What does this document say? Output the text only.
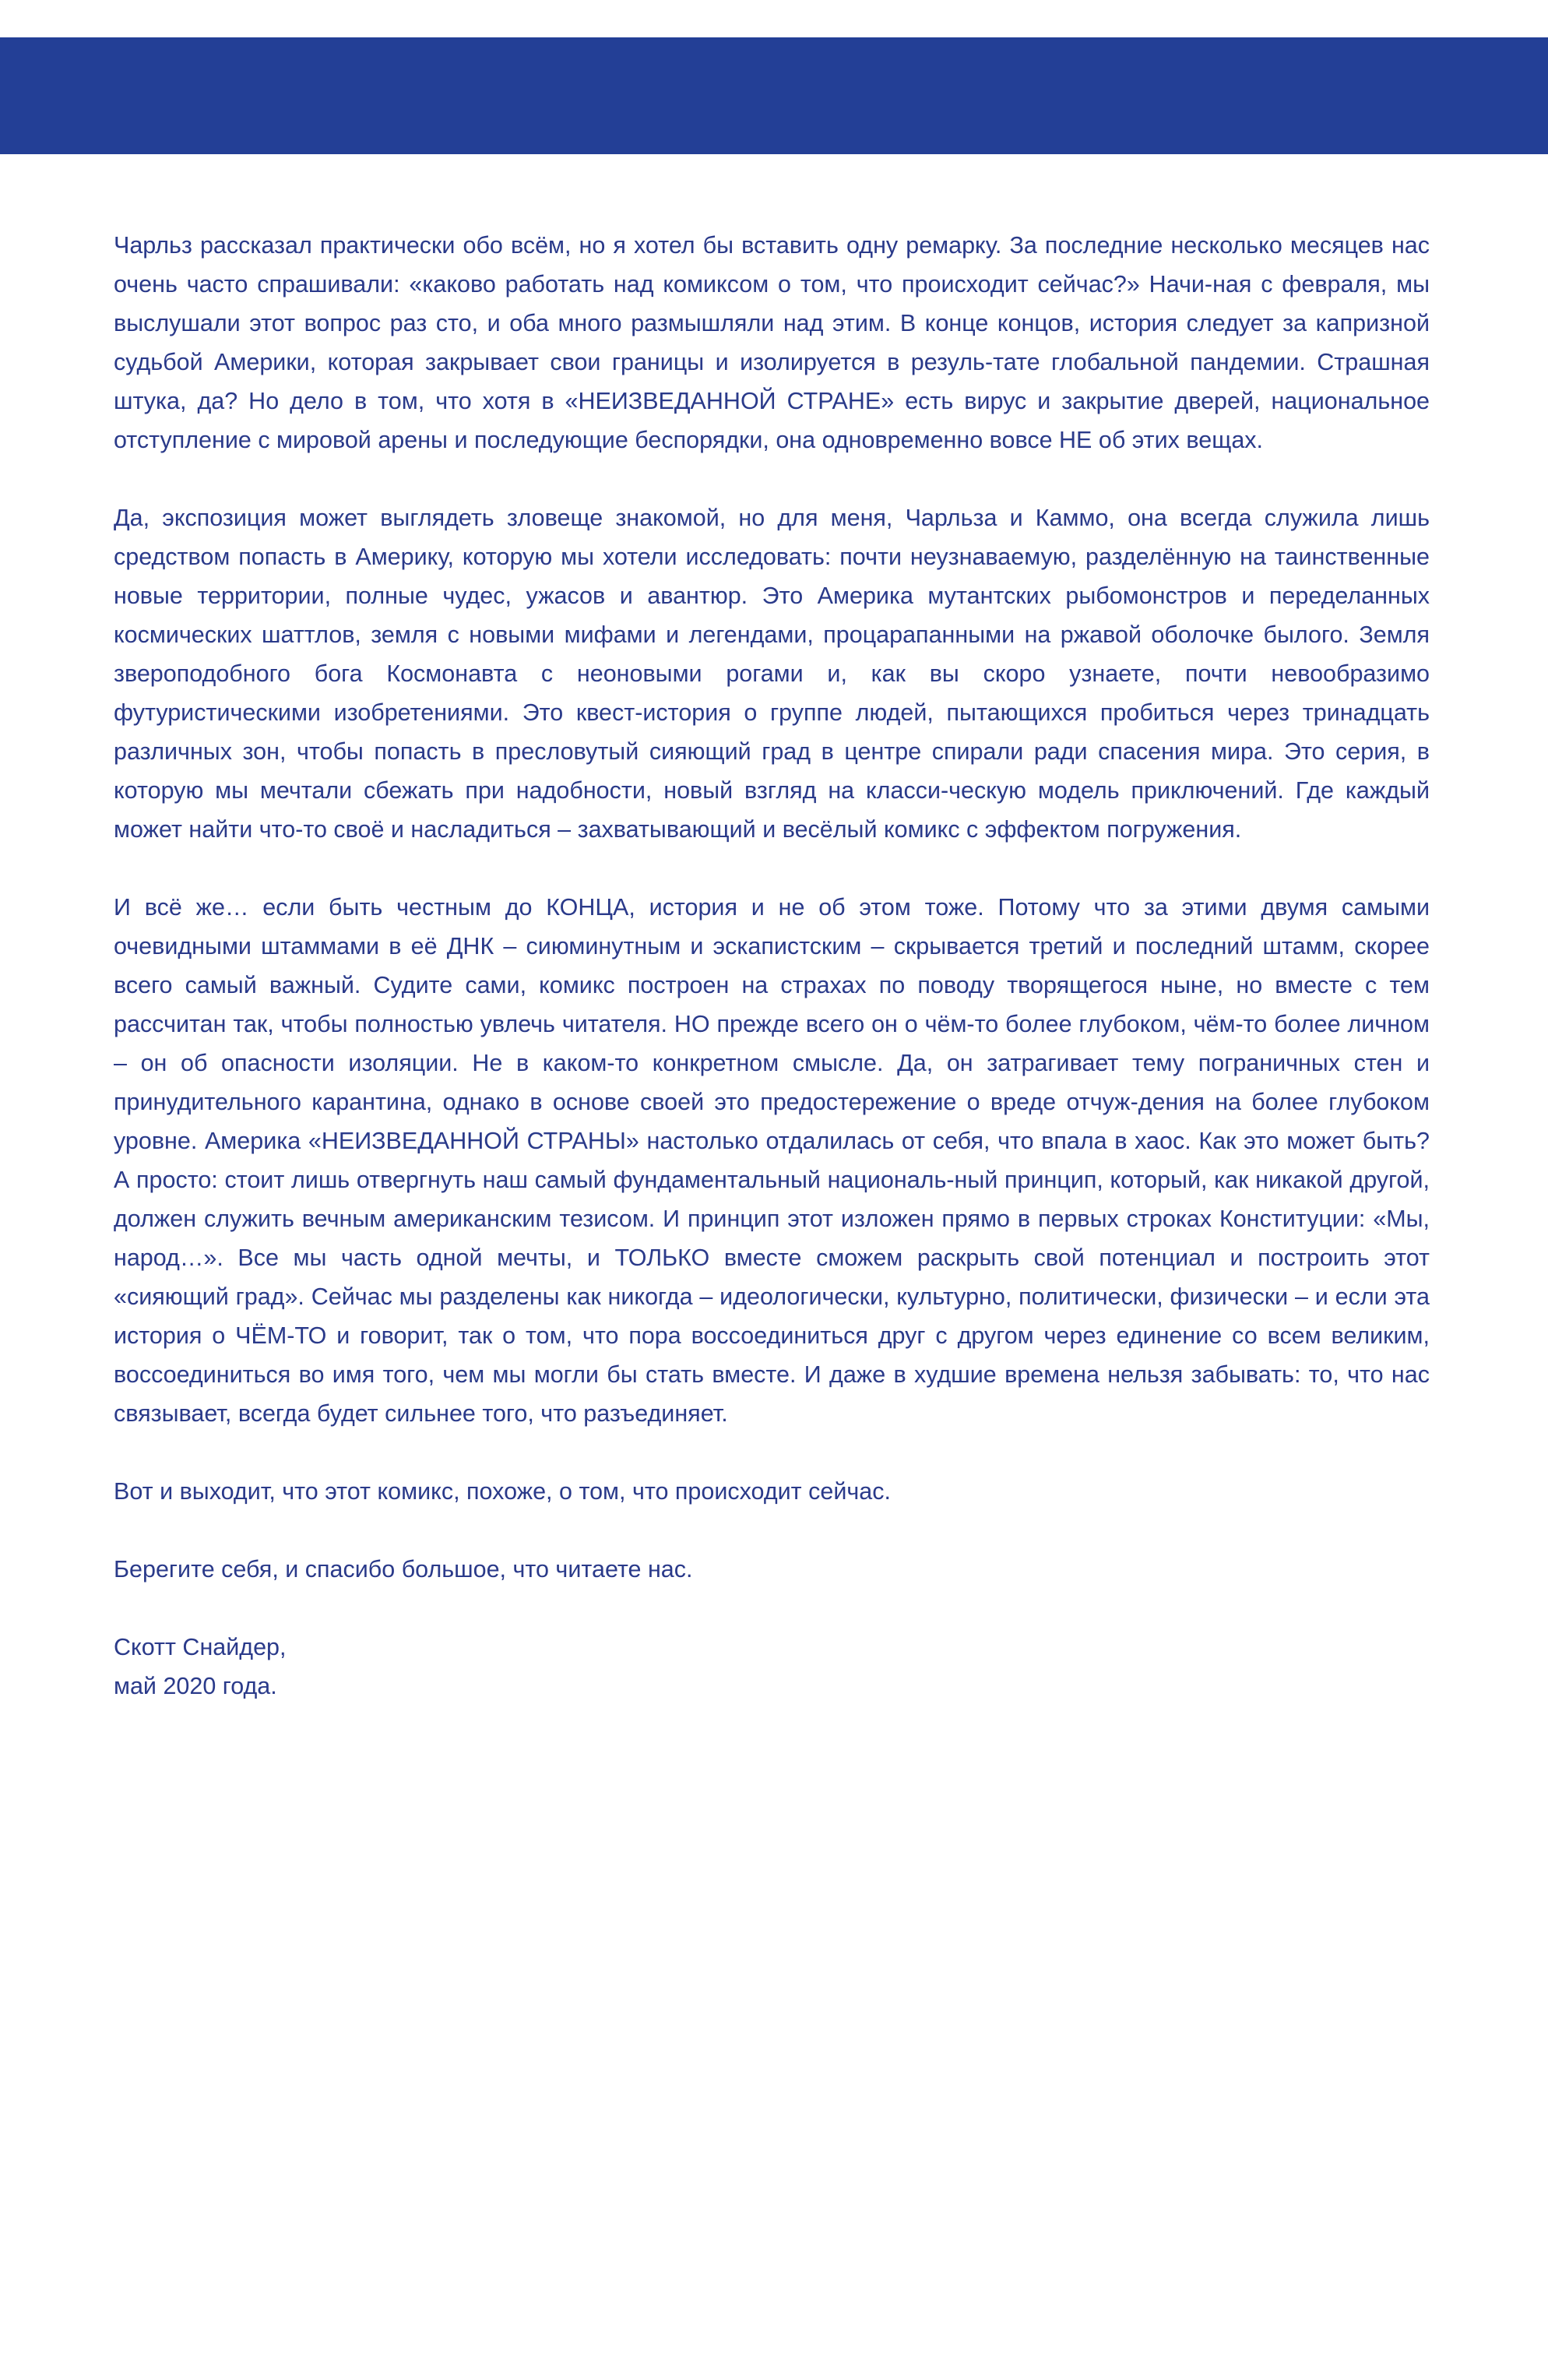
Чарльз рассказал практически обо всём, но я хотел бы вставить одну ремарку. За последние несколько месяцев нас очень часто спрашивали: «каково работать над комиксом о том, что происходит сейчас?» Начи-ная с февраля, мы выслушали этот вопрос раз сто, и оба много размышляли над этим. В конце концов, история следует за капризной судьбой Америки, которая закрывает свои границы и изолируется в резуль-тате глобальной пандемии. Страшная штука, да? Но дело в том, что хотя в «НЕИЗВЕДАННОЙ СТРАНЕ» есть вирус и закрытие дверей, национальное отступление с мировой арены и последующие беспорядки, она одновременно вовсе НЕ об этих вещах.

Да, экспозиция может выглядеть зловеще знакомой, но для меня, Чарльза и Каммо, она всегда служила лишь средством попасть в Америку, которую мы хотели исследовать: почти неузнаваемую, разделённую на таинственные новые территории, полные чудес, ужасов и авантюр. Это Америка мутантских рыбомонстров и переделанных космических шаттлов, земля с новыми мифами и легендами, процарапанными на ржавой оболочке былого. Земля звероподобного бога Космонавта с неоновыми рогами и, как вы скоро узнаете, почти невообразимо футуристическими изобретениями. Это квест-история о группе людей, пытающихся пробиться через тринадцать различных зон, чтобы попасть в пресловутый сияющий град в центре спирали ради спасения мира. Это серия, в которую мы мечтали сбежать при надобности, новый взгляд на класси-ческую модель приключений. Где каждый может найти что-то своё и насладиться – захватывающий и весёлый комикс с эффектом погружения.

И всё же… если быть честным до КОНЦА, история и не об этом тоже. Потому что за этими двумя самыми очевидными штаммами в её ДНК – сиюминутным и эскапистским – скрывается третий и последний штамм, скорее всего самый важный. Судите сами, комикс построен на страхах по поводу творящегося ныне, но вместе с тем рассчитан так, чтобы полностью увлечь читателя. НО прежде всего он о чём-то более глубоком, чём-то более личном – он об опасности изоляции. Не в каком-то конкретном смысле. Да, он затрагивает тему пограничных стен и принудительного карантина, однако в основе своей это предостережение о вреде отчуж-дения на более глубоком уровне. Америка «НЕИЗВЕДАННОЙ СТРАНЫ» настолько отдалилась от себя, что впала в хаос. Как это может быть? А просто: стоит лишь отвергнуть наш самый фундаментальный националь-ный принцип, который, как никакой другой, должен служить вечным американским тезисом. И принцип этот изложен прямо в первых строках Конституции: «Мы, народ…». Все мы часть одной мечты, и ТОЛЬКО вместе сможем раскрыть свой потенциал и построить этот «сияющий град». Сейчас мы разделены как никогда – идеологически, культурно, политически, физически – и если эта история о ЧЁМ-ТО и говорит, так о том, что пора воссоединиться друг с другом через единение со всем великим, воссоединиться во имя того, чем мы могли бы стать вместе. И даже в худшие времена нельзя забывать: то, что нас связывает, всегда будет сильнее того, что разъединяет.

Вот и выходит, что этот комикс, похоже, о том, что происходит сейчас.

Берегите себя, и спасибо большое, что читаете нас.

Скотт Снайдер,
май 2020 года.
